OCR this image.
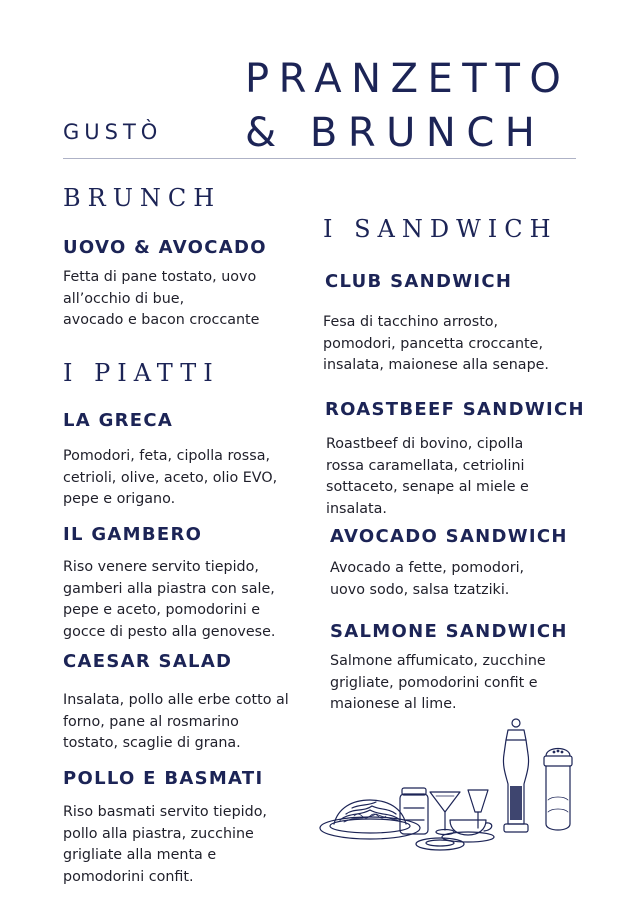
GUSTÒ
PRANZETTO
& BRUNCH
BRUNCH
UOVO & AVOCADO
Fetta di pane tostato, uovo
all’occhio di bue,
avocado e bacon croccante
I PIATTI
LA GRECA
Pomodori, feta, cipolla rossa,
cetrioli, olive, aceto, olio EVO,
pepe e origano.
IL GAMBERO
Riso venere servito tiepido,
gamberi alla piastra con sale,
pepe e aceto, pomodorini e
gocce di pesto alla genovese.
CAESAR SALAD
Insalata, pollo alle erbe cotto al
forno, pane al rosmarino
tostato, scaglie di grana.
POLLO E BASMATI
Riso basmati servito tiepido,
pollo alla piastra, zucchine
grigliate alla menta e
pomodorini confit.
I SANDWICH
CLUB SANDWICH
Fesa di tacchino arrosto,
pomodori, pancetta croccante,
insalata, maionese alla senape.
ROASTBEEF SANDWICH
Roastbeef di bovino, cipolla
rossa caramellata, cetriolini
sottaceto, senape al miele e
insalata.
AVOCADO SANDWICH
Avocado a fette, pomodori,
uovo sodo, salsa tzatziki.
SALMONE SANDWICH
Salmone affumicato, zucchine
grigliate, pomodorini confit e
maionese al lime.
